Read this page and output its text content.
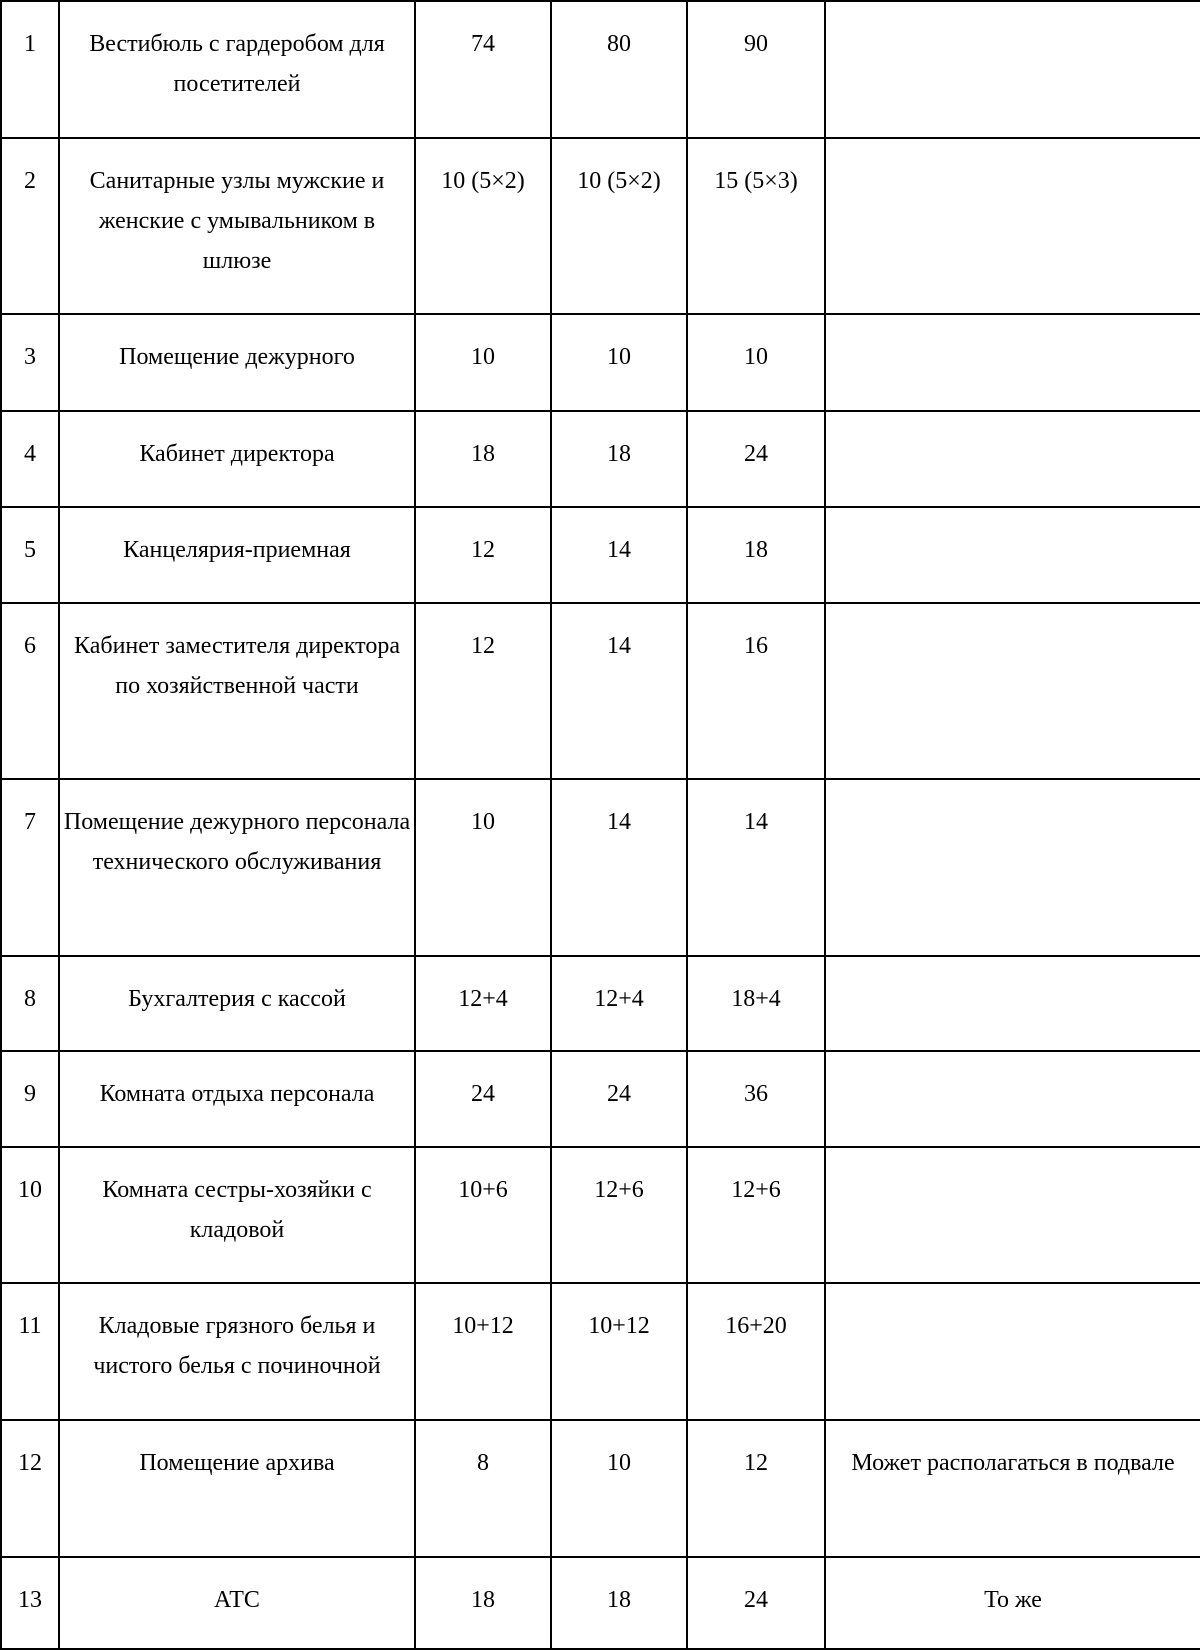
1	Вестибюль с гардеробом для посетителей	74	80	90	
2	Санитарные узлы мужские и женские с умывальником в шлюзе	10 (5×2)	10 (5×2)	15 (5×3)	
3	Помещение дежурного	10	10	10	
4	Кабинет директора	18	18	24	
5	Канцелярия-приемная	12	14	18	
6	Кабинет заместителя директора по хозяйственной части	12	14	16	
7	Помещение дежурного персонала технического обслуживания	10	14	14	
8	Бухгалтерия с кассой	12+4	12+4	18+4	
9	Комната отдыха персонала	24	24	36	
10	Комната сестры-хозяйки с кладовой	10+6	12+6	12+6	
11	Кладовые грязного белья и чистого белья с починочной	10+12	10+12	16+20	
12	Помещение архива	8	10	12	Может располагаться в подвале
13	АТС	18	18	24	То же
